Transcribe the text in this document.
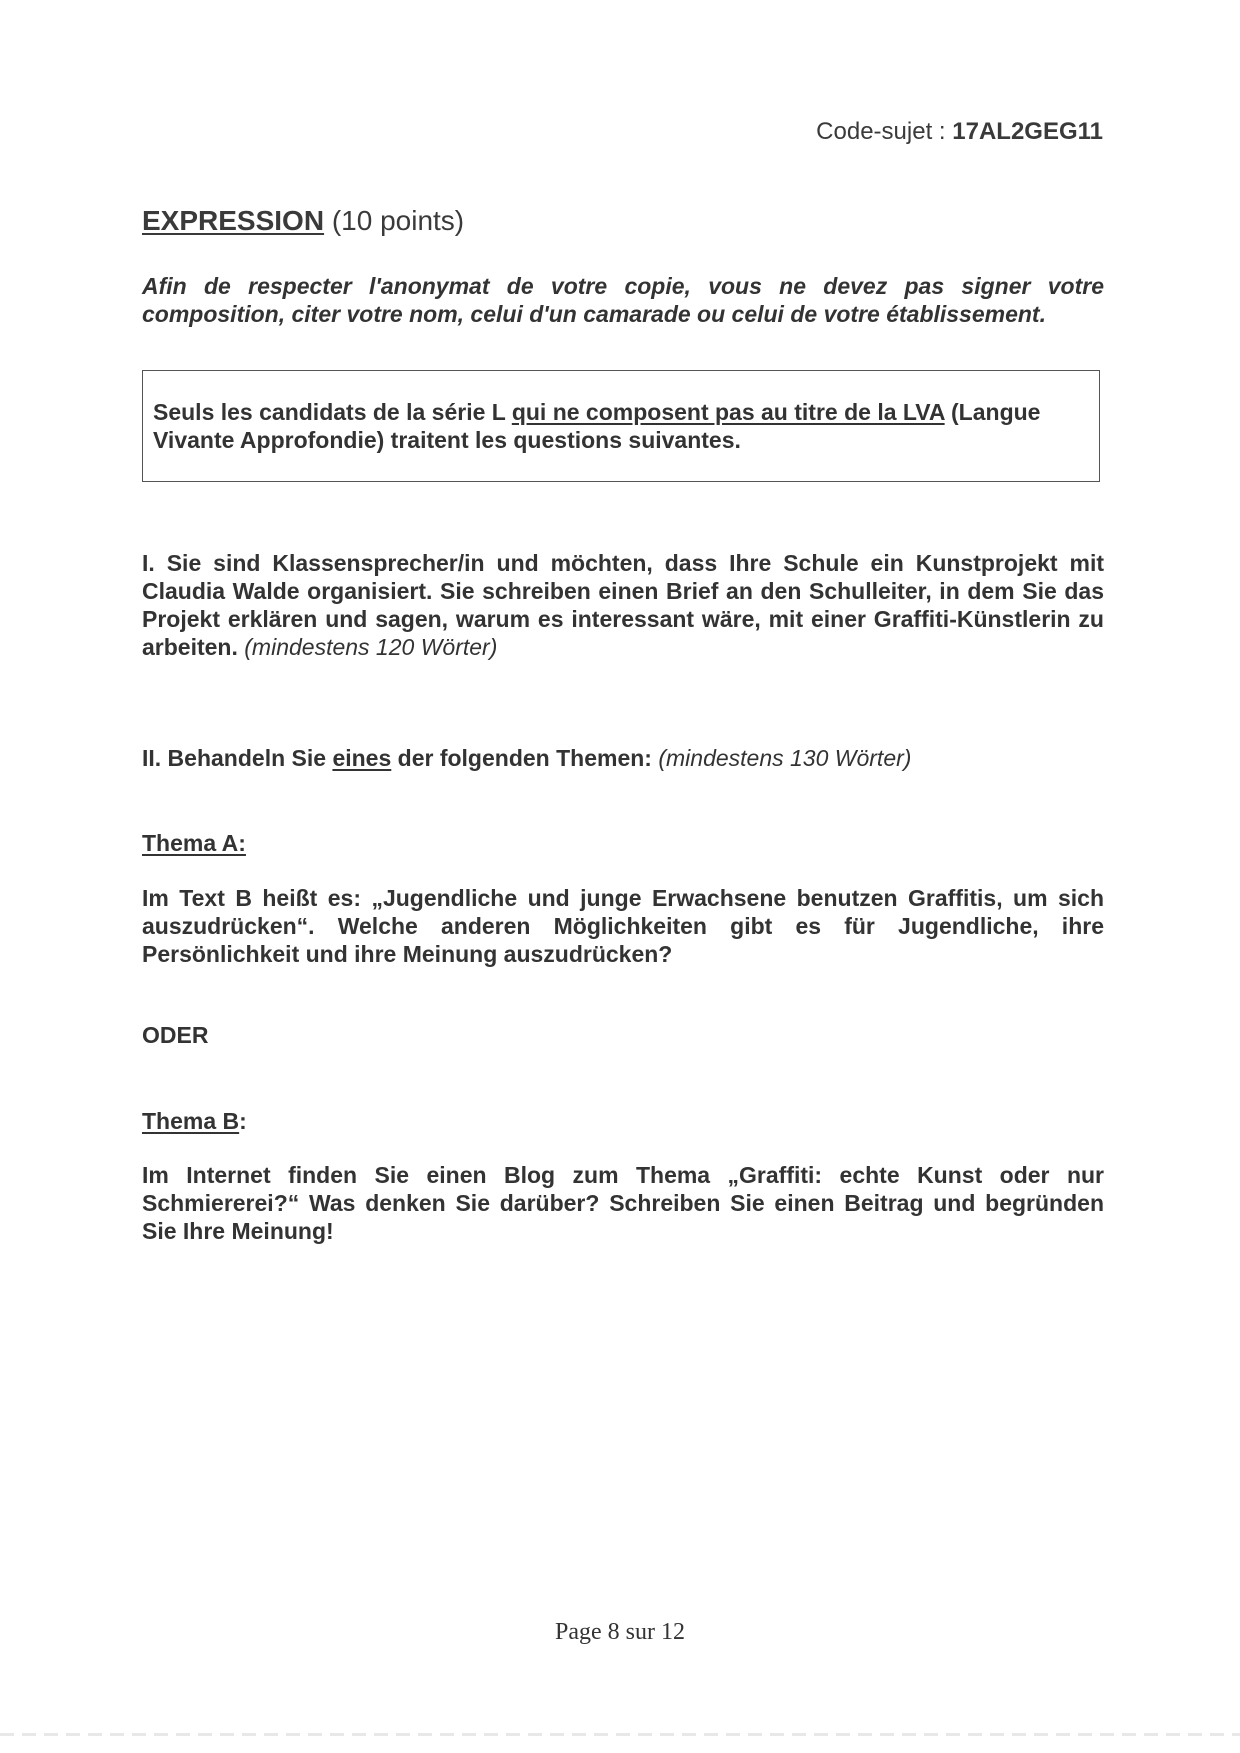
Code-sujet : 17AL2GEG11
EXPRESSION (10 points)
Afin de respecter l'anonymat de votre copie, vous ne devez pas signer votre composition, citer votre nom, celui d'un camarade ou celui de votre établissement.
Seuls les candidats de la série L qui ne composent pas au titre de la LVA (Langue Vivante Approfondie) traitent les questions suivantes.
I. Sie sind Klassensprecher/in und möchten, dass Ihre Schule ein Kunstprojekt mit Claudia Walde organisiert. Sie schreiben einen Brief an den Schulleiter, in dem Sie das Projekt erklären und sagen, warum es interessant wäre, mit einer Graffiti-Künstlerin zu arbeiten. (mindestens 120 Wörter)
II. Behandeln Sie eines der folgenden Themen: (mindestens 130 Wörter)
Thema A:
Im Text B heißt es: „Jugendliche und junge Erwachsene benutzen Graffitis, um sich auszudrücken“. Welche anderen Möglichkeiten gibt es für Jugendliche, ihre Persönlichkeit und ihre Meinung auszudrücken?
ODER
Thema B:
Im Internet finden Sie einen Blog zum Thema „Graffiti: echte Kunst oder nur Schmiererei?“ Was denken Sie darüber? Schreiben Sie einen Beitrag und begründen Sie Ihre Meinung!
Page 8 sur 12
